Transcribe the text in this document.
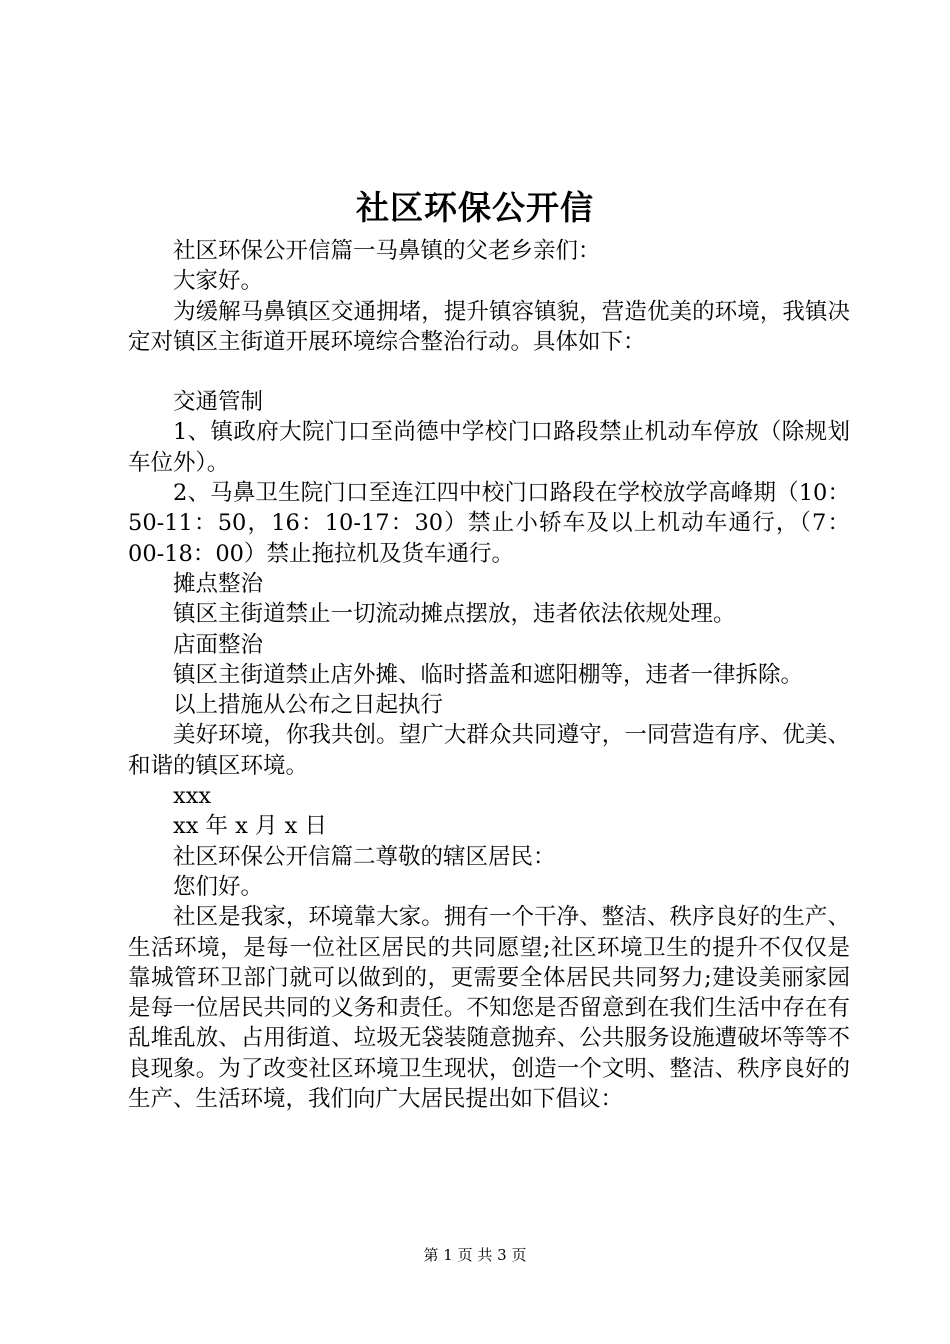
社区环保公开信

社区环保公开信篇一马鼻镇的父老乡亲们：

大家好。

为缓解马鼻镇区交通拥堵，提升镇容镇貌，营造优美的环境，我镇决定对镇区主街道开展环境综合整治行动。具体如下：

交通管制

1、镇政府大院门口至尚德中学校门口路段禁止机动车停放（除规划车位外）。

2、马鼻卫生院门口至连江四中校门口路段在学校放学高峰期（10：50-11：50，16：10-17：30）禁止小轿车及以上机动车通行，（7：00-18：00）禁止拖拉机及货车通行。

摊点整治

镇区主街道禁止一切流动摊点摆放，违者依法依规处理。

店面整治

镇区主街道禁止店外摊、临时搭盖和遮阳棚等，违者一律拆除。

以上措施从公布之日起执行

美好环境，你我共创。望广大群众共同遵守，一同营造有序、优美、和谐的镇区环境。

xxx

xx 年 x 月 x 日

社区环保公开信篇二尊敬的辖区居民：

您们好。

社区是我家，环境靠大家。拥有一个干净、整洁、秩序良好的生产、生活环境，是每一位社区居民的共同愿望;社区环境卫生的提升不仅仅是靠城管环卫部门就可以做到的，更需要全体居民共同努力;建设美丽家园是每一位居民共同的义务和责任。不知您是否留意到在我们生活中存在有乱堆乱放、占用街道、垃圾无袋装随意抛弃、公共服务设施遭破坏等等不良现象。为了改变社区环境卫生现状，创造一个文明、整洁、秩序良好的生产、生活环境，我们向广大居民提出如下倡议：

第 1 页 共 3 页
